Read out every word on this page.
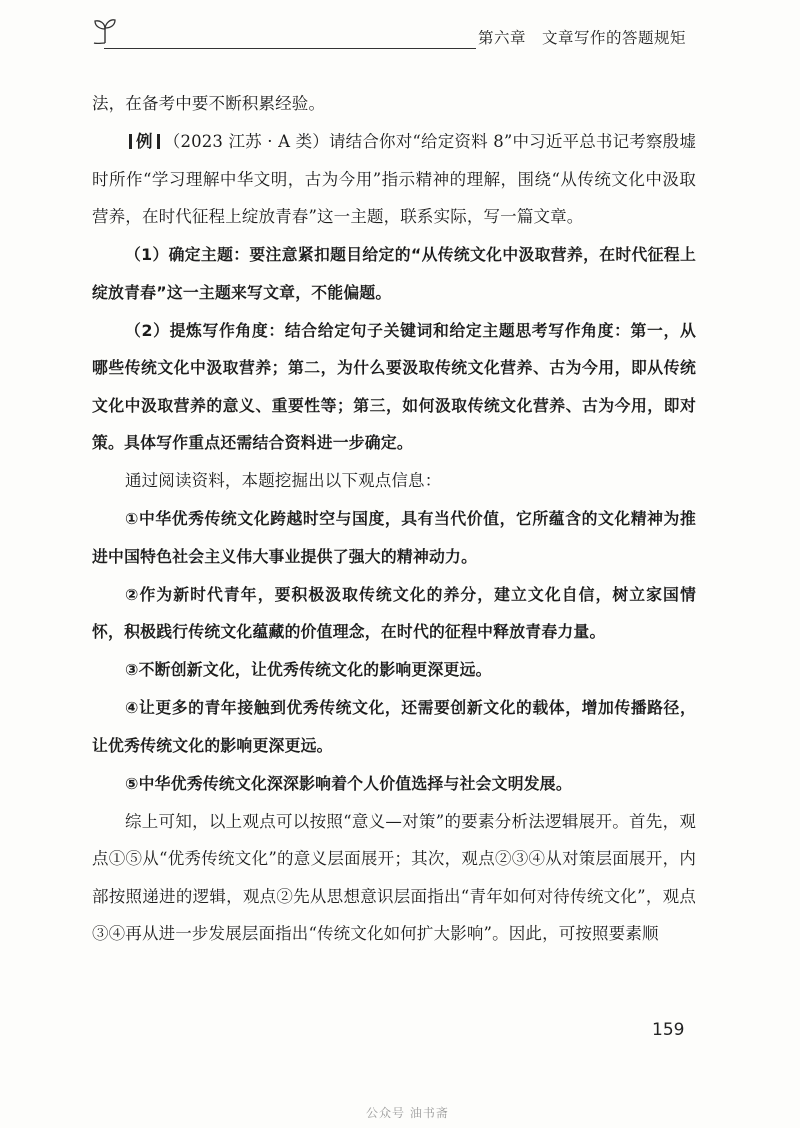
第六章 文章写作的答题规矩

法，在备考中要不断积累经验。

例 （2023 江苏 · A 类）请结合你对“给定资料 8”中习近平总书记考察殷墟时所作“学习理解中华文明，古为今用”指示精神的理解，围绕“从传统文化中汲取营养，在时代征程上绽放青春”这一主题，联系实际，写一篇文章。

（1）确定主题：要注意紧扣题目给定的“从传统文化中汲取营养，在时代征程上绽放青春”这一主题来写文章，不能偏题。

（2）提炼写作角度：结合给定句子关键词和给定主题思考写作角度：第一，从哪些传统文化中汲取营养；第二，为什么要汲取传统文化营养、古为今用，即从传统文化中汲取营养的意义、重要性等；第三，如何汲取传统文化营养、古为今用，即对策。具体写作重点还需结合资料进一步确定。

通过阅读资料，本题挖掘出以下观点信息：

①中华优秀传统文化跨越时空与国度，具有当代价值，它所蕴含的文化精神为推进中国特色社会主义伟大事业提供了强大的精神动力。

②作为新时代青年，要积极汲取传统文化的养分，建立文化自信，树立家国情怀，积极践行传统文化蕴藏的价值理念，在时代的征程中释放青春力量。

③不断创新文化，让优秀传统文化的影响更深更远。

④让更多的青年接触到优秀传统文化，还需要创新文化的载体，增加传播路径，让优秀传统文化的影响更深更远。

⑤中华优秀传统文化深深影响着个人价值选择与社会文明发展。

综上可知，以上观点可以按照“意义—对策”的要素分析法逻辑展开。首先，观点①⑤从“优秀传统文化”的意义层面展开；其次，观点②③④从对策层面展开，内部按照递进的逻辑，观点②先从思想意识层面指出“青年如何对待传统文化”，观点③④再从进一步发展层面指出“传统文化如何扩大影响”。因此，可按照要素顺

159
公众号 油书斋
